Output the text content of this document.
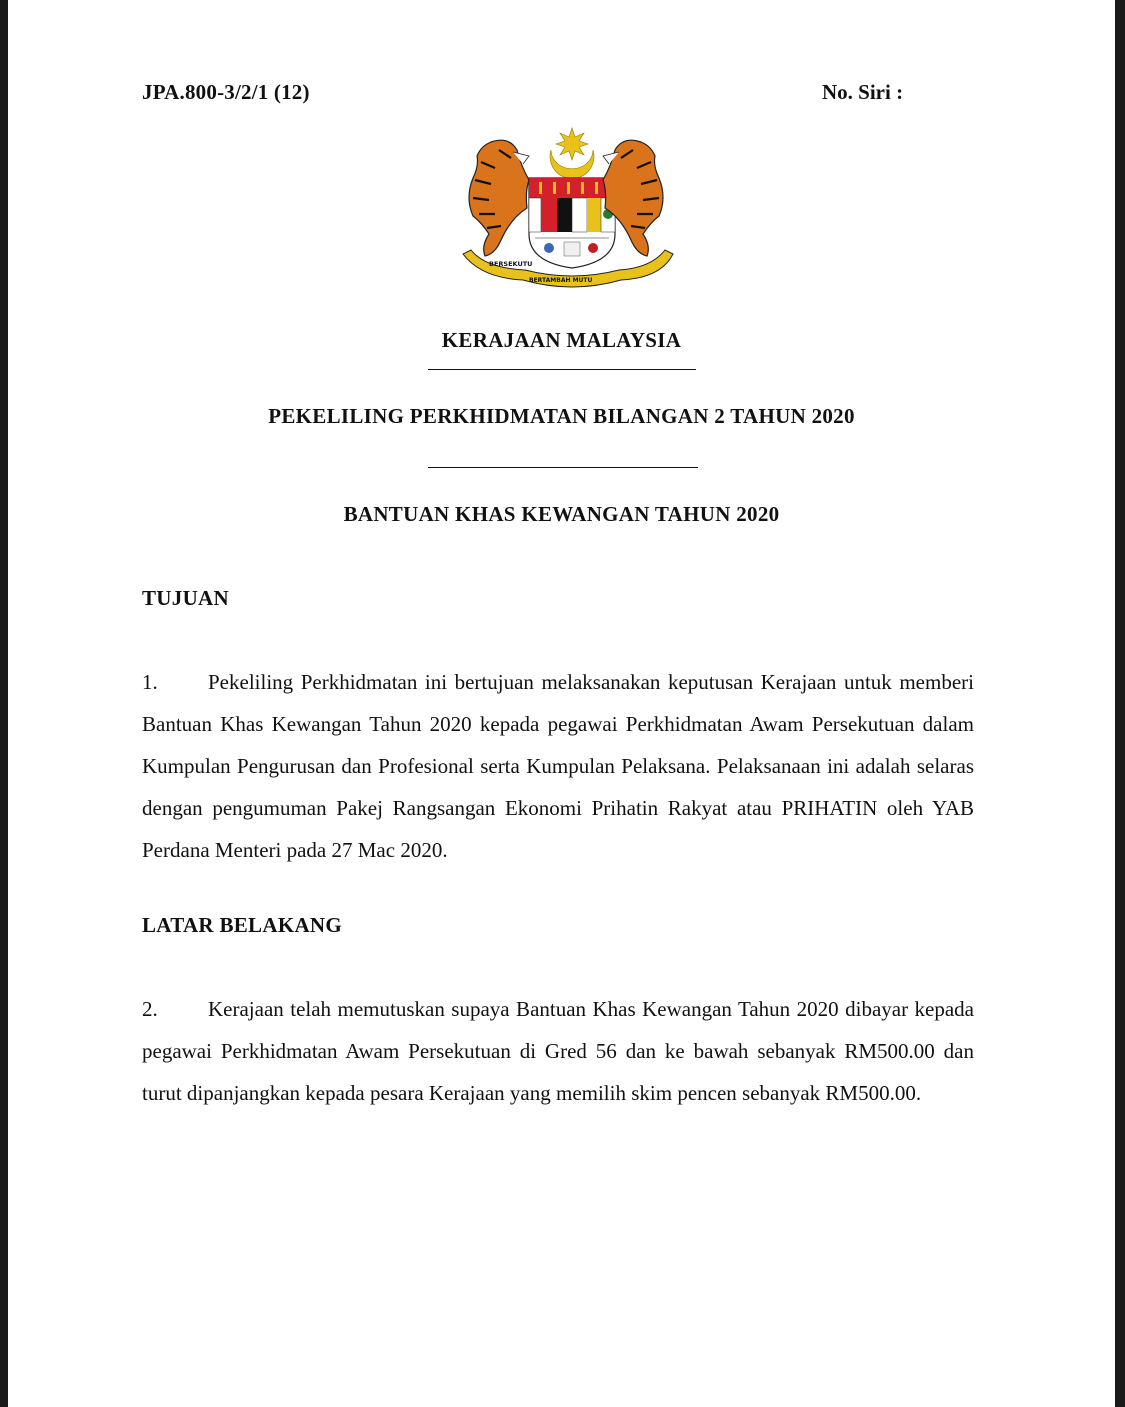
JPA.800-3/2/1 (12)	No. Siri :
BERSEKUTU
BERTAMBAH MUTU
KERAJAAN MALAYSIA
PEKELILING PERKHIDMATAN BILANGAN 2 TAHUN 2020
BANTUAN KHAS KEWANGAN TAHUN 2020
TUJUAN
1. Pekeliling Perkhidmatan ini bertujuan melaksanakan keputusan Kerajaan untuk memberi Bantuan Khas Kewangan Tahun 2020 kepada pegawai Perkhidmatan Awam Persekutuan dalam Kumpulan Pengurusan dan Profesional serta Kumpulan Pelaksana. Pelaksanaan ini adalah selaras dengan pengumuman Pakej Rangsangan Ekonomi Prihatin Rakyat atau PRIHATIN oleh YAB Perdana Menteri pada 27 Mac 2020.
LATAR BELAKANG
2. Kerajaan telah memutuskan supaya Bantuan Khas Kewangan Tahun 2020 dibayar kepada pegawai Perkhidmatan Awam Persekutuan di Gred 56 dan ke bawah sebanyak RM500.00 dan turut dipanjangkan kepada pesara Kerajaan yang memilih skim pencen sebanyak RM500.00.
